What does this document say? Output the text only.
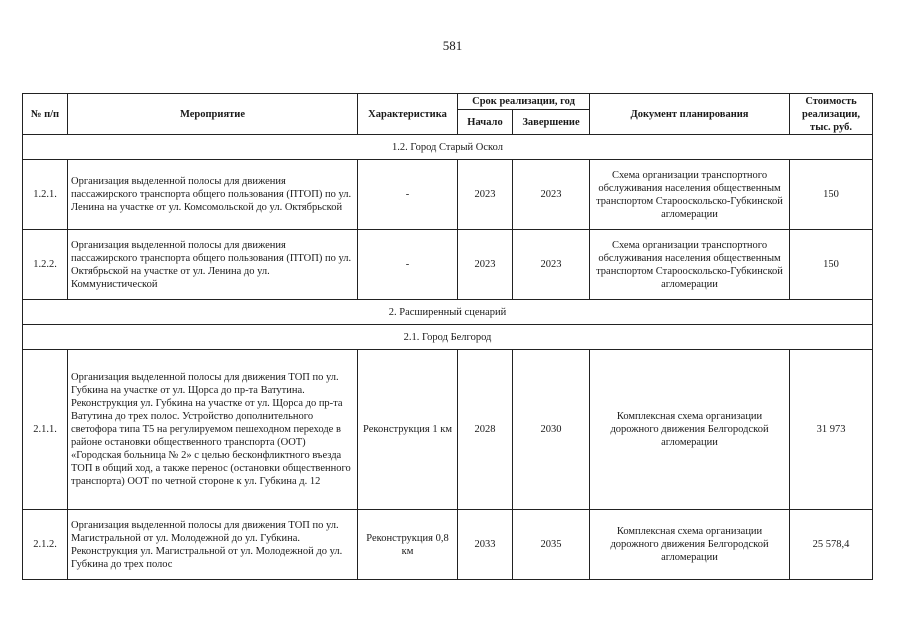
581
№ п/п	Мероприятие	Характеристика	Срок реализации, год		Документ планирования	Стоимость реализации, тыс. руб.
			Начало	Завершение		
1.2. Город Старый Оскол						
1.2.1.	Организация выделенной полосы для движения пассажирского транспорта общего пользования (ПТОП) по ул. Ленина на участке от ул. Комсомольской до ул. Октябрьской	-	2023	2023	Схема организации транспортного обслуживания населения общественным транспортом Старооскольско-Губкинской агломерации	150
1.2.2.	Организация выделенной полосы для движения пассажирского транспорта общего пользования (ПТОП) по ул. Октябрьской на участке от ул. Ленина до ул. Коммунистической	-	2023	2023	Схема организации транспортного обслуживания населения общественным транспортом Старооскольско-Губкинской агломерации	150
2. Расширенный сценарий						
2.1. Город Белгород						
2.1.1.	Организация выделенной полосы для движения ТОП по ул. Губкина на участке от ул. Щорса до пр-та Ватутина. Реконструкция ул. Губкина на участке от ул. Щорса до пр-та Ватутина до трех полос. Устройство дополнительного светофора типа Т5 на регулируемом пешеходном переходе в районе остановки общественного транспорта (ООТ) «Городская больница № 2» с целью бесконфликтного въезда ТОП в общий ход, а также перенос (остановки общественного транспорта) ООТ по четной стороне к ул. Губкина д. 12	Реконструкция 1 км	2028	2030	Комплексная схема организации дорожного движения Белгородской агломерации	31 973
2.1.2.	Организация выделенной полосы для движения ТОП по ул. Магистральной от ул. Молодежной до ул. Губкина. Реконструкция ул. Магистральной от ул. Молодежной до ул. Губкина до трех полос	Реконструкция 0,8 км	2033	2035	Комплексная схема организации дорожного движения Белгородской агломерации	25 578,4
